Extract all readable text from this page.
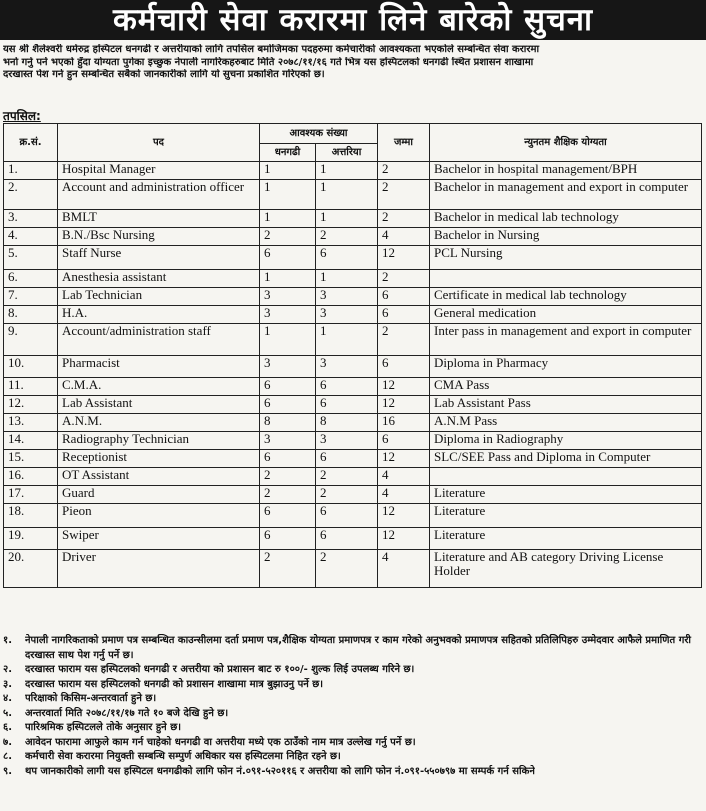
कर्मचारी सेवा करारमा लिने बारेको सुचना

यस श्री शैलेश्वरी धर्मरुद्र हस्पिटल धनगढी र अत्तरीयाको लागि तपसिल बमोजिमका पदहरुमा कर्मचारीको आवश्यकता भएकोले सम्बन्धित सेवा करारमा

भर्ना गर्नु पर्ने भएको हुँदा योग्यता पुगेका इच्छुक नेपाली नागरिकहरुबाट मिति २०७८/११/१६ गते भित्र यस हस्पिटलको धनगढी स्थित प्रशासन शाखामा

दरखास्त पेश गर्न हुन सम्बन्धित सबैको जानकारीको लागि यो सुचना प्रकाशित गरिएको छ।

तपसिल:
क्र.सं.	पद	आवश्यक संख्या		जम्मा	न्युनतम शैक्षिक योग्यता
		धनगढी	अत्तरिया		
1.	Hospital Manager	1	1	2	Bachelor in hospital management/BPH
2.	Account and administration officer	1	1	2	Bachelor in management and export in computer
3.	BMLT	1	1	2	Bachelor in medical lab technology
4.	B.N./Bsc Nursing	2	2	4	Bachelor in Nursing
5.	Staff Nurse	6	6	12	PCL Nursing
6.	Anesthesia assistant	1	1	2	
7.	Lab Technician	3	3	6	Certificate in medical lab technology
8.	H.A.	3	3	6	General medication
9.	Account/administration staff	1	1	2	Inter pass in management and export in computer
10.	Pharmacist	3	3	6	Diploma in Pharmacy
11.	C.M.A.	6	6	12	CMA Pass
12.	Lab Assistant	6	6	12	Lab Assistant Pass
13.	A.N.M.	8	8	16	A.N.M Pass
14.	Radiography Technician	3	3	6	Diploma in Radiography
15.	Receptionist	6	6	12	SLC/SEE Pass and Diploma in Computer
16.	OT Assistant	2	2	4	
17.	Guard	2	2	4	Literature
18.	Pieon	6	6	12	Literature
19.	Swiper	6	6	12	Literature
20.	Driver	2	2	4	Literature and AB category Driving License Holder
१.	नेपाली नागरिकताको प्रमाण पत्र सम्बन्धित काउन्सीलमा दर्ता प्रमाण पत्र,शैक्षिक योग्यता प्रमाणपत्र र काम गरेको अनुभवको प्रमाणपत्र सहितको प्रतिलिपिहरु उम्मेदवार आफैले प्रमाणित गरी दरखास्त साथ पेश गर्नु पर्ने छ।
२.	दरखास्त फाराम यस हस्पिटलको धनगढी र अत्तरीया को प्रशासन बाट रु १००/- शुल्क लिई उपलब्ध गरिने छ।
३.	दरखास्त फाराम यस हस्पिटलको धनगढी को प्रशासन शाखामा मात्र बुझाउनु पर्ने छ।
४.	परिक्षाको किसिम-अन्तरवार्ता हुने छ।
५.	अन्तरवार्ता मिति २०७८/११/१७ गते १० बजे देखि हुने छ।
६.	पारिश्रमिक हस्पिटलले तोके अनुसार हुने छ।
७.	आवेदन फारामा आफुले काम गर्न चाहेको धनगढी वा अत्तरीया मध्ये एक ठाउँको नाम मात्र उल्लेख गर्नु पर्ने छ।
८.	कर्मचारी सेवा करारमा नियुक्ती सम्बन्धि सम्पुर्ण अधिकार यस हस्पिटलमा निहित रहने छ।
९.	थप जानकारीको लागी यस हस्पिटल धनगढीको लागि फोन नं.०९१-५२०११६ र अत्तरीया को लागि फोन नं.०९१-५५०७९७ मा सम्पर्क गर्न सकिने
